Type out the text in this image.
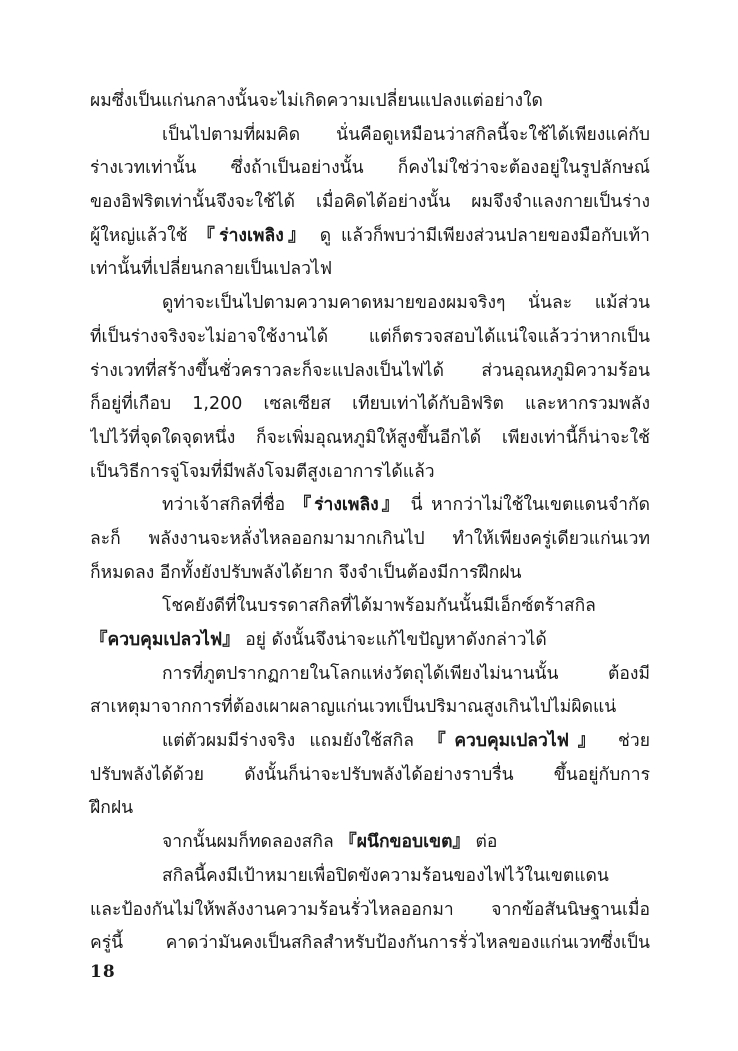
ผมซึ่งเป็นแก่นกลางนั้นจะไม่เกิดความเปลี่ยนแปลงแต่อย่างใด
เป็นไปตามที่ผมคิด นั่นคือดูเหมือนว่าสกิลนี้จะใช้ได้เพียงแค่กับ
ร่างเวทเท่านั้น ซึ่งถ้าเป็นอย่างนั้น ก็คงไม่ใช่ว่าจะต้องอยู่ในรูปลักษณ์
ของอิฟริตเท่านั้นจึงจะใช้ได้ เมื่อคิดได้อย่างนั้น ผมจึงจำแลงกายเป็นร่าง
ผู้ใหญ่แล้วใช้ 『ร่างเพลิง』 ดู แล้วก็พบว่ามีเพียงส่วนปลายของมือกับเท้า
เท่านั้นที่เปลี่ยนกลายเป็นเปลวไฟ
ดูท่าจะเป็นไปตามความคาดหมายของผมจริงๆ นั่นละ แม้ส่วน
ที่เป็นร่างจริงจะไม่อาจใช้งานได้ แต่ก็ตรวจสอบได้แน่ใจแล้วว่าหากเป็น
ร่างเวทที่สร้างขึ้นชั่วคราวละก็จะแปลงเป็นไฟได้ ส่วนอุณหภูมิความร้อน
ก็อยู่ที่เกือบ 1,200 เซลเซียส เทียบเท่าได้กับอิฟริต และหากรวมพลัง
ไปไว้ที่จุดใดจุดหนึ่ง ก็จะเพิ่มอุณหภูมิให้สูงขึ้นอีกได้ เพียงเท่านี้ก็น่าจะใช้
เป็นวิธีการจู่โจมที่มีพลังโจมตีสูงเอาการได้แล้ว
ทว่าเจ้าสกิลที่ชื่อ 『ร่างเพลิง』 นี่ หากว่าไม่ใช้ในเขตแดนจำกัด
ละก็ พลังงานจะหลั่งไหลออกมามากเกินไป ทำให้เพียงครู่เดียวแก่นเวท
ก็หมดลง อีกทั้งยังปรับพลังได้ยาก จึงจำเป็นต้องมีการฝึกฝน
โชคยังดีที่ในบรรดาสกิลที่ได้มาพร้อมกันนั้นมีเอ็กซ์ตร้าสกิล
『ควบคุมเปลวไฟ』 อยู่ ดังนั้นจึงน่าจะแก้ไขปัญหาดังกล่าวได้
การที่ภูตปรากฏกายในโลกแห่งวัตถุได้เพียงไม่นานนั้น ต้องมี
สาเหตุมาจากการที่ต้องเผาผลาญแก่นเวทเป็นปริมาณสูงเกินไปไม่ผิดแน่
แต่ตัวผมมีร่างจริง แถมยังใช้สกิล 『ควบคุมเปลวไฟ』 ช่วย
ปรับพลังได้ด้วย ดังนั้นก็น่าจะปรับพลังได้อย่างราบรื่น ขึ้นอยู่กับการ
ฝึกฝน
จากนั้นผมก็ทดลองสกิล 『ผนึกขอบเขต』 ต่อ
สกิลนี้คงมีเป้าหมายเพื่อปิดขังความร้อนของไฟไว้ในเขตแดน
และป้องกันไม่ให้พลังงานความร้อนรั่วไหลออกมา จากข้อสันนิษฐานเมื่อ
ครู่นี้ คาดว่ามันคงเป็นสกิลสำหรับป้องกันการรั่วไหลของแก่นเวทซึ่งเป็น
18
